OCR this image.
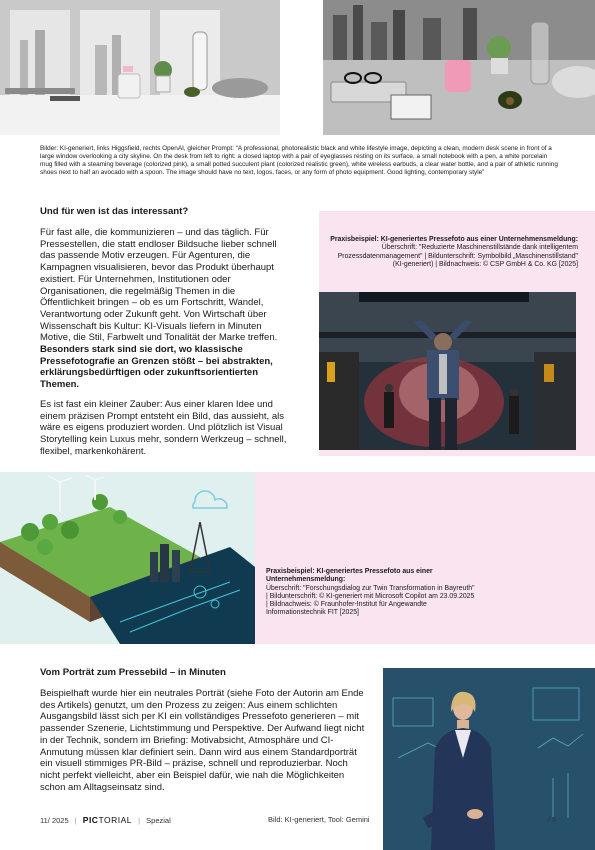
Bilder: KI-generiert, links Higgsfield, rechts OpenAI, gleicher Prompt: “A professional, photorealistic black and white lifestyle image, depicting a clean, modern desk scene in front of a large window overlooking a city skyline. On the desk from left to right: a closed laptop with a pair of eyeglasses resting on its surface, a small notebook with a pen, a white porcelain mug filled with a steaming beverage (colorized pink), a small potted succulent plant (colorized realistic green), white wireless earbuds, a clear water bottle, and a pair of athletic running shoes next to half an avocado with a spoon. The image should have no text, logos, faces, or any form of photo equipment. Good lighting, contemporary style”
Und für wen ist das interessant?

Für fast alle, die kommunizieren – und das täglich. Für Pressestellen, die statt endloser Bildsuche lieber schnell das passende Motiv erzeugen. Für Agenturen, die Kampagnen visualisieren, bevor das Produkt überhaupt existiert. Für Unternehmen, Institutionen oder Organisationen, die regelmäßig Themen in die Öffentlichkeit bringen – ob es um Fortschritt, Wandel, Verantwortung oder Zukunft geht. Von Wirtschaft über Wissenschaft bis Kultur: KI-Visuals liefern in Minuten Motive, die Stil, Farbwelt und Tonalität der Marke treffen. Besonders stark sind sie dort, wo klassische Pressefotografie an Grenzen stößt – bei abstrakten, erklärungsbedürftigen oder zukunftsorientierten Themen.

Es ist fast ein kleiner Zauber: Aus einer klaren Idee und einem präzisen Prompt entsteht ein Bild, das aussieht, als wäre es eigens produziert worden. Und plötzlich ist Visual Storytelling kein Luxus mehr, sondern Werkzeug – schnell, flexibel, markenkohärent.

Praxisbeispiel: KI-generiertes Pressefoto aus einer Unternehmensmeldung:
Überschrift: "Reduzierte Maschinenstillstände dank intelligentem Prozessdatenmanagement" | Bildunterschrift: Symbolbild „Maschinenstillstand" (KI-generiert) | Bildnachweis: © CSP GmbH & Co. KG [2025]
Praxisbeispiel: KI-generiertes Pressefoto aus einer Unternehmensmeldung:
Überschrift: "Forschungsdialog zur Twin Transformation in Bayreuth" | Bildunterschrift: © KI-generiert mit Microsoft Copilot am 23.09.2025 | Bildnachweis: © Fraunhofer-Institut für Angewandte Informationstechnik FIT [2025]
Vom Porträt zum Pressebild – in Minuten

Beispielhaft wurde hier ein neutrales Porträt (siehe Foto der Autorin am Ende des Artikels) genutzt, um den Prozess zu zeigen: Aus einem schlichten Ausgangsbild lässt sich per KI ein vollständiges Pressefoto generieren – mit passender Szenerie, Lichtstimmung und Perspektive. Der Aufwand liegt nicht in der Technik, sondern im Briefing: Motivabsicht, Atmosphäre und CI-Anmutung müssen klar definiert sein. Dann wird aus einem Standardporträt ein visuell stimmiges PR-Bild – präzise, schnell und reproduzierbar. Noch nicht perfekt vielleicht, aber ein Beispiel dafür, wie nah die Möglichkeiten schon am Alltagseinsatz sind.

11/ 2025 | PICTORIAL | Spezial	Bild: KI-generiert, Tool: Gemini	/ 5
